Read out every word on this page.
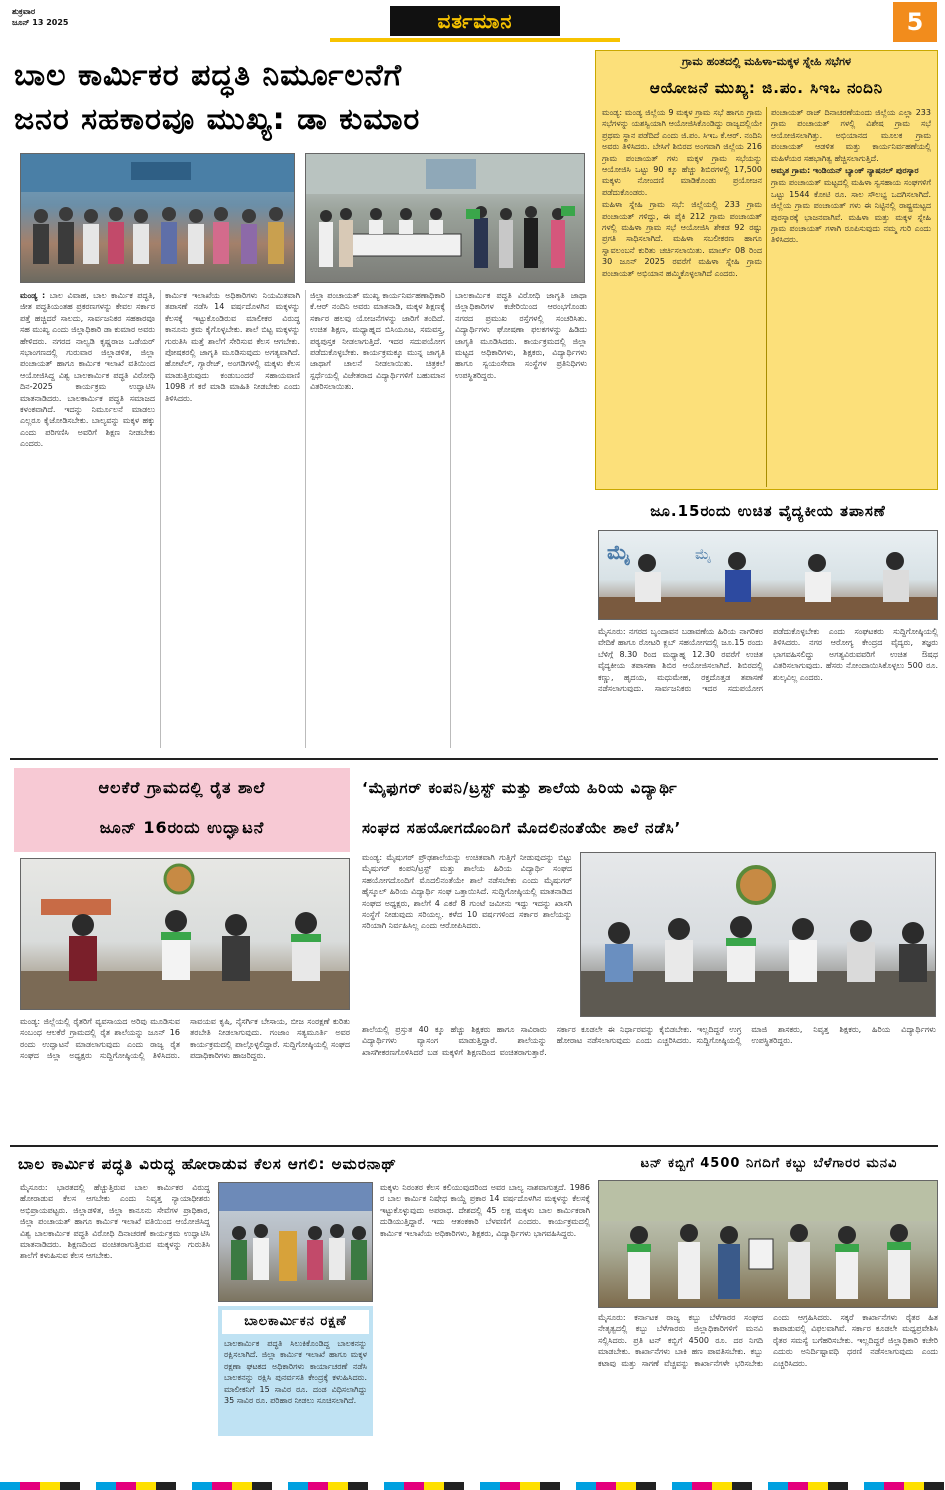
ಶುಕ್ರವಾರ
ಜೂನ್ 13 2025	ವರ್ತಮಾನ	5
ಬಾಲ ಕಾರ್ಮಿಕರ ಪದ್ಧತಿ ನಿರ್ಮೂಲನೆಗೆ
ಜನರ ಸಹಕಾರವೂ ಮುಖ್ಯ: ಡಾ ಕುಮಾರ

ಮಂಡ್ಯ : ಬಾಲ ವಿವಾಹ, ಬಾಲ ಕಾರ್ಮಿಕ ಪದ್ಧತಿ, ಜೀತ ಪದ್ಧತಿಯಂತಹ ಪ್ರಕರಣಗಳನ್ನು ಕೇವಲ ಸರ್ಕಾರ ಪತ್ತೆ ಹಚ್ಚಿದರೆ ಸಾಲದು, ಸಾರ್ವಜನಿಕರ ಸಹಕಾರವೂ ಸಹ ಮುಖ್ಯ ಎಂದು ಜಿಲ್ಲಾಧಿಕಾರಿ ಡಾ ಕುಮಾರ ಅವರು ಹೇಳಿದರು. ನಗರದ ನಾಲ್ವಡಿ ಕೃಷ್ಣರಾಜ ಒಡೆಯರ್ ಸಭಾಂಗಣದಲ್ಲಿ ಗುರುವಾರ ಜಿಲ್ಲಾಡಳಿತ, ಜಿಲ್ಲಾ ಪಂಚಾಯತ್ ಹಾಗೂ ಕಾರ್ಮಿಕ ಇಲಾಖೆ ವತಿಯಿಂದ ಆಯೋಜಿಸಿದ್ದ ವಿಶ್ವ ಬಾಲಕಾರ್ಮಿಕ ಪದ್ಧತಿ ವಿರೋಧಿ ದಿನ-2025 ಕಾರ್ಯಕ್ರಮ ಉದ್ಘಾಟಿಸಿ ಮಾತನಾಡಿದರು. ಬಾಲಕಾರ್ಮಿಕ ಪದ್ಧತಿ ಸಮಾಜದ ಕಳಂಕವಾಗಿದೆ. ಇದನ್ನು ನಿರ್ಮೂಲನೆ ಮಾಡಲು ಎಲ್ಲರೂ ಕೈಜೋಡಿಸಬೇಕು. ಬಾಲ್ಯವನ್ನು ಮಕ್ಕಳ ಹಕ್ಕು ಎಂದು ಪರಿಗಣಿಸಿ ಅವರಿಗೆ ಶಿಕ್ಷಣ ನೀಡಬೇಕು ಎಂದರು.

ಕಾರ್ಮಿಕ ಇಲಾಖೆಯ ಅಧಿಕಾರಿಗಳು ನಿಯಮಿತವಾಗಿ ತಪಾಸಣೆ ನಡೆಸಿ 14 ವರ್ಷದೊಳಗಿನ ಮಕ್ಕಳನ್ನು ಕೆಲಸಕ್ಕೆ ಇಟ್ಟುಕೊಂಡಿರುವ ಮಾಲೀಕರ ವಿರುದ್ಧ ಕಾನೂನು ಕ್ರಮ ಕೈಗೊಳ್ಳಬೇಕು. ಶಾಲೆ ಬಿಟ್ಟ ಮಕ್ಕಳನ್ನು ಗುರುತಿಸಿ ಮತ್ತೆ ಶಾಲೆಗೆ ಸೇರಿಸುವ ಕೆಲಸ ಆಗಬೇಕು. ಪೋಷಕರಲ್ಲಿ ಜಾಗೃತಿ ಮೂಡಿಸುವುದು ಅಗತ್ಯವಾಗಿದೆ. ಹೋಟೆಲ್, ಗ್ಯಾರೇಜ್, ಅಂಗಡಿಗಳಲ್ಲಿ ಮಕ್ಕಳು ಕೆಲಸ ಮಾಡುತ್ತಿರುವುದು ಕಂಡುಬಂದರೆ ಸಹಾಯವಾಣಿ 1098 ಗೆ ಕರೆ ಮಾಡಿ ಮಾಹಿತಿ ನೀಡಬೇಕು ಎಂದು ತಿಳಿಸಿದರು.

ಜಿಲ್ಲಾ ಪಂಚಾಯತ್ ಮುಖ್ಯ ಕಾರ್ಯನಿರ್ವಹಣಾಧಿಕಾರಿ ಕೆ.ಆರ್ ನಂದಿನಿ ಅವರು ಮಾತನಾಡಿ, ಮಕ್ಕಳ ಶಿಕ್ಷಣಕ್ಕೆ ಸರ್ಕಾರ ಹಲವು ಯೋಜನೆಗಳನ್ನು ಜಾರಿಗೆ ತಂದಿದೆ. ಉಚಿತ ಶಿಕ್ಷಣ, ಮಧ್ಯಾಹ್ನದ ಬಿಸಿಯೂಟ, ಸಮವಸ್ತ್ರ, ಪಠ್ಯಪುಸ್ತಕ ನೀಡಲಾಗುತ್ತಿದೆ. ಇದರ ಸದುಪಯೋಗ ಪಡೆದುಕೊಳ್ಳಬೇಕು. ಕಾರ್ಯಕ್ರಮಕ್ಕೂ ಮುನ್ನ ಜಾಗೃತಿ ಜಾಥಾಗೆ ಚಾಲನೆ ನೀಡಲಾಯಿತು. ಚಿತ್ರಕಲೆ ಸ್ಪರ್ಧೆಯಲ್ಲಿ ವಿಜೇತರಾದ ವಿದ್ಯಾರ್ಥಿಗಳಿಗೆ ಬಹುಮಾನ ವಿತರಿಸಲಾಯಿತು.

ಬಾಲಕಾರ್ಮಿಕ ಪದ್ಧತಿ ವಿರೋಧಿ ಜಾಗೃತಿ ಜಾಥಾ ಜಿಲ್ಲಾಧಿಕಾರಿಗಳ ಕಚೇರಿಯಿಂದ ಆರಂಭಗೊಂಡು ನಗರದ ಪ್ರಮುಖ ರಸ್ತೆಗಳಲ್ಲಿ ಸಂಚರಿಸಿತು. ವಿದ್ಯಾರ್ಥಿಗಳು ಘೋಷಣಾ ಫಲಕಗಳನ್ನು ಹಿಡಿದು ಜಾಗೃತಿ ಮೂಡಿಸಿದರು. ಕಾರ್ಯಕ್ರಮದಲ್ಲಿ ಜಿಲ್ಲಾ ಮಟ್ಟದ ಅಧಿಕಾರಿಗಳು, ಶಿಕ್ಷಕರು, ವಿದ್ಯಾರ್ಥಿಗಳು ಹಾಗೂ ಸ್ವಯಂಸೇವಾ ಸಂಸ್ಥೆಗಳ ಪ್ರತಿನಿಧಿಗಳು ಉಪಸ್ಥಿತರಿದ್ದರು.

ಗ್ರಾಮ ಹಂತದಲ್ಲಿ ಮಹಿಳಾ-ಮಕ್ಕಳ ಸ್ನೇಹಿ ಸಭೆಗಳ
ಆಯೋಜನೆ ಮುಖ್ಯ: ಜಿ.ಪಂ. ಸಿಇಒ ನಂದಿನಿ

ಮಂಡ್ಯ: ಮಂಡ್ಯ ಜಿಲ್ಲೆಯ 9 ಮಕ್ಕಳ ಗ್ರಾಮ ಸಭೆ ಹಾಗೂ ಗ್ರಾಮ ಸಭೆಗಳನ್ನು ಯಶಸ್ವಿಯಾಗಿ ಆಯೋಜಿಸಿಕೊಂಡಿದ್ದು ರಾಜ್ಯದಲ್ಲಿಯೇ ಪ್ರಥಮ ಸ್ಥಾನ ಪಡೆದಿದೆ ಎಂದು ಜಿ.ಪಂ. ಸಿಇಒ ಕೆ.ಆರ್. ನಂದಿನಿ ಅವರು ತಿಳಿಸಿದರು. ಬೇಸಿಗೆ ಶಿಬಿರದ ಅಂಗವಾಗಿ ಜಿಲ್ಲೆಯ 216 ಗ್ರಾಮ ಪಂಚಾಯತ್ ಗಳು ಮಕ್ಕಳ ಗ್ರಾಮ ಸಭೆಯನ್ನು ಆಯೋಜಿಸಿ ಒಟ್ಟು 90 ಕ್ಕೂ ಹೆಚ್ಚು ಶಿಬಿರಗಳಲ್ಲಿ 17,500 ಮಕ್ಕಳು ನೋಂದಣಿ ಮಾಡಿಕೊಂಡು ಪ್ರಯೋಜನ ಪಡೆದುಕೊಂಡರು.

ಮಹಿಳಾ ಸ್ನೇಹಿ ಗ್ರಾಮ ಸಭೆ: ಜಿಲ್ಲೆಯಲ್ಲಿ 233 ಗ್ರಾಮ ಪಂಚಾಯತ್ ಗಳಿದ್ದು, ಈ ಪೈಕಿ 212 ಗ್ರಾಮ ಪಂಚಾಯತ್ ಗಳಲ್ಲಿ ಮಹಿಳಾ ಗ್ರಾಮ ಸಭೆ ಆಯೋಜಿಸಿ ಶೇಕಡ 92 ರಷ್ಟು ಪ್ರಗತಿ ಸಾಧಿಸಲಾಗಿದೆ. ಮಹಿಳಾ ಸಬಲೀಕರಣ ಹಾಗೂ ಸ್ವಾವಲಂಬನೆ ಕುರಿತು ಚರ್ಚಿಸಲಾಯಿತು. ಮಾರ್ಚ್ 08 ರಿಂದ 30 ಜೂನ್ 2025 ರವರೆಗೆ ಮಹಿಳಾ ಸ್ನೇಹಿ ಗ್ರಾಮ ಪಂಚಾಯತ್ ಅಭಿಯಾನ ಹಮ್ಮಿಕೊಳ್ಳಲಾಗಿದೆ ಎಂದರು.

ಪಂಚಾಯತ್ ರಾಜ್ ದಿನಾಚರಣೆಯಂದು ಜಿಲ್ಲೆಯ ಎಲ್ಲಾ 233 ಗ್ರಾಮ ಪಂಚಾಯತ್ ಗಳಲ್ಲಿ ವಿಶೇಷ ಗ್ರಾಮ ಸಭೆ ಆಯೋಜಿಸಲಾಗಿತ್ತು. ಅಭಿಯಾನದ ಮೂಲಕ ಗ್ರಾಮ ಪಂಚಾಯತ್ ಆಡಳಿತ ಮತ್ತು ಕಾರ್ಯನಿರ್ವಹಣೆಯಲ್ಲಿ ಮಹಿಳೆಯರ ಸಹಭಾಗಿತ್ವ ಹೆಚ್ಚಿಸಲಾಗುತ್ತಿದೆ.

ಅಮೃತ ಗ್ರಾಮ: ಇಂಡಿಯನ್ ಬ್ಯಾಂಕ್ ನ್ಯಾಷನಲ್ ಪುರಸ್ಕಾರ

ಗ್ರಾಮ ಪಂಚಾಯತ್ ಮಟ್ಟದಲ್ಲಿ ಮಹಿಳಾ ಸ್ವಸಹಾಯ ಸಂಘಗಳಿಗೆ ಒಟ್ಟು 1544 ಕೋಟಿ ರೂ. ಸಾಲ ಸೌಲಭ್ಯ ಒದಗಿಸಲಾಗಿದೆ. ಜಿಲ್ಲೆಯ ಗ್ರಾಮ ಪಂಚಾಯತ್ ಗಳು ಈ ನಿಟ್ಟಿನಲ್ಲಿ ರಾಷ್ಟ್ರಮಟ್ಟದ ಪುರಸ್ಕಾರಕ್ಕೆ ಭಾಜನವಾಗಿವೆ. ಮಹಿಳಾ ಮತ್ತು ಮಕ್ಕಳ ಸ್ನೇಹಿ ಗ್ರಾಮ ಪಂಚಾಯತ್ ಗಳಾಗಿ ರೂಪಿಸುವುದು ನಮ್ಮ ಗುರಿ ಎಂದು ತಿಳಿಸಿದರು.

ಜೂ.15ರಂದು ಉಚಿತ ವೈದ್ಯಕೀಯ ತಪಾಸಣೆ
ಮೈ	ಮೈ

ಮೈಸೂರು: ನಗರದ ಬೃಂದಾವನ ಬಡಾವಣೆಯ ಹಿರಿಯ ನಾಗರಿಕರ ವೇದಿಕೆ ಹಾಗೂ ರೋಟರಿ ಕ್ಲಬ್ ಸಹಯೋಗದಲ್ಲಿ ಜೂ.15 ರಂದು ಬೆಳಿಗ್ಗೆ 8.30 ರಿಂದ ಮಧ್ಯಾಹ್ನ 12.30 ರವರೆಗೆ ಉಚಿತ ವೈದ್ಯಕೀಯ ತಪಾಸಣಾ ಶಿಬಿರ ಆಯೋಜಿಸಲಾಗಿದೆ. ಶಿಬಿರದಲ್ಲಿ ಕಣ್ಣು, ಹೃದಯ, ಮಧುಮೇಹ, ರಕ್ತದೊತ್ತಡ ತಪಾಸಣೆ ನಡೆಸಲಾಗುವುದು. ಸಾರ್ವಜನಿಕರು ಇದರ ಸದುಪಯೋಗ ಪಡೆದುಕೊಳ್ಳಬೇಕು ಎಂದು ಸಂಘಟಕರು ಸುದ್ದಿಗೋಷ್ಠಿಯಲ್ಲಿ ತಿಳಿಸಿದರು. ನಗರ ಆರೋಗ್ಯ ಕೇಂದ್ರದ ವೈದ್ಯರು, ತಜ್ಞರು ಭಾಗವಹಿಸಲಿದ್ದು ಅಗತ್ಯವಿರುವವರಿಗೆ ಉಚಿತ ಔಷಧ ವಿತರಿಸಲಾಗುವುದು. ಹೆಸರು ನೋಂದಾಯಿಸಿಕೊಳ್ಳಲು 500 ರೂ. ಶುಲ್ಕವಿಲ್ಲ ಎಂದರು.

ಆಲಕೆರೆ ಗ್ರಾಮದಲ್ಲಿ ರೈತ ಶಾಲೆ
ಜೂನ್ 16ರಂದು ಉದ್ಘಾಟನೆ

ಮಂಡ್ಯ: ಜಿಲ್ಲೆಯಲ್ಲಿ ರೈತರಿಗೆ ವ್ಯವಸಾಯದ ಅರಿವು ಮೂಡಿಸುವ ಸಂಬಂಧ ಆಲಕೆರೆ ಗ್ರಾಮದಲ್ಲಿ ರೈತ ಶಾಲೆಯನ್ನು ಜೂನ್ 16 ರಂದು ಉದ್ಘಾಟನೆ ಮಾಡಲಾಗುವುದು ಎಂದು ರಾಜ್ಯ ರೈತ ಸಂಘದ ಜಿಲ್ಲಾ ಅಧ್ಯಕ್ಷರು ಸುದ್ದಿಗೋಷ್ಠಿಯಲ್ಲಿ ತಿಳಿಸಿದರು. ಸಾವಯವ ಕೃಷಿ, ನೈಸರ್ಗಿಕ ಬೇಸಾಯ, ಬೀಜ ಸಂರಕ್ಷಣೆ ಕುರಿತು ತರಬೇತಿ ನೀಡಲಾಗುವುದು. ಗಂಜಾಂ ಸತ್ಯಮೂರ್ತಿ ಅವರ ಕಾರ್ಯಕ್ರಮದಲ್ಲಿ ಪಾಲ್ಗೊಳ್ಳಲಿದ್ದಾರೆ. ಸುದ್ದಿಗೋಷ್ಠಿಯಲ್ಲಿ ಸಂಘದ ಪದಾಧಿಕಾರಿಗಳು ಹಾಜರಿದ್ದರು.

‘ಮೈಫುಗರ್ ಕಂಪನಿ/ಟ್ರಸ್ಟ್ ಮತ್ತು ಶಾಲೆಯ ಹಿರಿಯ ವಿದ್ಯಾರ್ಥಿ
ಸಂಘದ ಸಹಯೋಗದೊಂದಿಗೆ ಮೊದಲಿನಂತೆಯೇ ಶಾಲೆ ನಡೆಸಿ’

ಮಂಡ್ಯ: ಮೈಷುಗರ್ ಪ್ರೌಢಶಾಲೆಯನ್ನು ಉಚಿತವಾಗಿ ಗುತ್ತಿಗೆ ನೀಡುವುದನ್ನು ಬಿಟ್ಟು ಮೈಷುಗರ್ ಕಂಪನಿ/ಟ್ರಸ್ಟ್ ಮತ್ತು ಶಾಲೆಯ ಹಿರಿಯ ವಿದ್ಯಾರ್ಥಿ ಸಂಘದ ಸಹಯೋಗದೊಂದಿಗೆ ಮೊದಲಿನಂತೆಯೇ ಶಾಲೆ ನಡೆಸಬೇಕು ಎಂದು ಮೈಷುಗರ್ ಹೈಸ್ಕೂಲ್ ಹಿರಿಯ ವಿದ್ಯಾರ್ಥಿ ಸಂಘ ಒತ್ತಾಯಿಸಿದೆ. ಸುದ್ದಿಗೋಷ್ಠಿಯಲ್ಲಿ ಮಾತನಾಡಿದ ಸಂಘದ ಅಧ್ಯಕ್ಷರು, ಶಾಲೆಗೆ 4 ಎಕರೆ 8 ಗುಂಟೆ ಜಮೀನು ಇದ್ದು ಇದನ್ನು ಖಾಸಗಿ ಸಂಸ್ಥೆಗೆ ನೀಡುವುದು ಸರಿಯಲ್ಲ. ಕಳೆದ 10 ವರ್ಷಗಳಿಂದ ಸರ್ಕಾರ ಶಾಲೆಯನ್ನು ಸರಿಯಾಗಿ ನಿರ್ವಹಿಸಿಲ್ಲ ಎಂದು ಆರೋಪಿಸಿದರು.

ಶಾಲೆಯಲ್ಲಿ ಪ್ರಸ್ತುತ 40 ಕ್ಕೂ ಹೆಚ್ಚು ಶಿಕ್ಷಕರು ಹಾಗೂ ಸಾವಿರಾರು ವಿದ್ಯಾರ್ಥಿಗಳು ವ್ಯಾಸಂಗ ಮಾಡುತ್ತಿದ್ದಾರೆ. ಶಾಲೆಯನ್ನು ಖಾಸಗೀಕರಣಗೊಳಿಸಿದರೆ ಬಡ ಮಕ್ಕಳಿಗೆ ಶಿಕ್ಷಣದಿಂದ ವಂಚಿತರಾಗುತ್ತಾರೆ. ಸರ್ಕಾರ ಕೂಡಲೇ ಈ ನಿರ್ಧಾರವನ್ನು ಕೈಬಿಡಬೇಕು. ಇಲ್ಲದಿದ್ದರೆ ಉಗ್ರ ಹೋರಾಟ ನಡೆಸಲಾಗುವುದು ಎಂದು ಎಚ್ಚರಿಸಿದರು. ಸುದ್ದಿಗೋಷ್ಠಿಯಲ್ಲಿ ಮಾಜಿ ಶಾಸಕರು, ನಿವೃತ್ತ ಶಿಕ್ಷಕರು, ಹಿರಿಯ ವಿದ್ಯಾರ್ಥಿಗಳು ಉಪಸ್ಥಿತರಿದ್ದರು.

ಬಾಲ ಕಾರ್ಮಿಕ ಪದ್ಧತಿ ವಿರುದ್ಧ ಹೋರಾಡುವ ಕೆಲಸ ಆಗಲಿ: ಅಮರನಾಥ್

ಮೈಸೂರು: ಭಾರತದಲ್ಲಿ ಹೆಚ್ಚುತ್ತಿರುವ ಬಾಲ ಕಾರ್ಮಿಕರ ವಿರುದ್ಧ ಹೋರಾಡುವ ಕೆಲಸ ಆಗಬೇಕು ಎಂದು ನಿವೃತ್ತ ನ್ಯಾಯಾಧೀಶರು ಅಭಿಪ್ರಾಯಪಟ್ಟರು. ಜಿಲ್ಲಾಡಳಿತ, ಜಿಲ್ಲಾ ಕಾನೂನು ಸೇವೆಗಳ ಪ್ರಾಧಿಕಾರ, ಜಿಲ್ಲಾ ಪಂಚಾಯತ್ ಹಾಗೂ ಕಾರ್ಮಿಕ ಇಲಾಖೆ ವತಿಯಿಂದ ಆಯೋಜಿಸಿದ್ದ ವಿಶ್ವ ಬಾಲಕಾರ್ಮಿಕ ಪದ್ಧತಿ ವಿರೋಧಿ ದಿನಾಚರಣೆ ಕಾರ್ಯಕ್ರಮ ಉದ್ಘಾಟಿಸಿ ಮಾತನಾಡಿದರು. ಶಿಕ್ಷಣದಿಂದ ವಂಚಿತರಾಗುತ್ತಿರುವ ಮಕ್ಕಳನ್ನು ಗುರುತಿಸಿ ಶಾಲೆಗೆ ಕಳುಹಿಸುವ ಕೆಲಸ ಆಗಬೇಕು.

ಮಕ್ಕಳು ನಿರಂತರ ಕೆಲಸ ಕಲಿಯುವುದರಿಂದ ಅವರ ಬಾಲ್ಯ ನಾಶವಾಗುತ್ತದೆ. 1986 ರ ಬಾಲ ಕಾರ್ಮಿಕ ನಿಷೇಧ ಕಾಯ್ದೆ ಪ್ರಕಾರ 14 ವರ್ಷದೊಳಗಿನ ಮಕ್ಕಳನ್ನು ಕೆಲಸಕ್ಕೆ ಇಟ್ಟುಕೊಳ್ಳುವುದು ಅಪರಾಧ. ದೇಶದಲ್ಲಿ 45 ಲಕ್ಷ ಮಕ್ಕಳು ಬಾಲ ಕಾರ್ಮಿಕರಾಗಿ ದುಡಿಯುತ್ತಿದ್ದಾರೆ. ಇದು ಆತಂಕಕಾರಿ ಬೆಳವಣಿಗೆ ಎಂದರು. ಕಾರ್ಯಕ್ರಮದಲ್ಲಿ ಕಾರ್ಮಿಕ ಇಲಾಖೆಯ ಅಧಿಕಾರಿಗಳು, ಶಿಕ್ಷಕರು, ವಿದ್ಯಾರ್ಥಿಗಳು ಭಾಗವಹಿಸಿದ್ದರು.

ಬಾಲಕಾರ್ಮಿಕನ ರಕ್ಷಣೆ
ಬಾಲಕಾರ್ಮಿಕ ಪದ್ಧತಿ ಸಿಲುಕಿಕೊಂಡಿದ್ದ ಬಾಲಕನನ್ನು ರಕ್ಷಿಸಲಾಗಿದೆ. ಜಿಲ್ಲಾ ಕಾರ್ಮಿಕ ಇಲಾಖೆ ಹಾಗೂ ಮಕ್ಕಳ ರಕ್ಷಣಾ ಘಟಕದ ಅಧಿಕಾರಿಗಳು ಕಾರ್ಯಾಚರಣೆ ನಡೆಸಿ ಬಾಲಕನನ್ನು ರಕ್ಷಿಸಿ ಪುನರ್ವಸತಿ ಕೇಂದ್ರಕ್ಕೆ ಕಳುಹಿಸಿದರು. ಮಾಲೀಕನಿಗೆ 15 ಸಾವಿರ ರೂ. ದಂಡ ವಿಧಿಸಲಾಗಿದ್ದು 35 ಸಾವಿರ ರೂ. ಪರಿಹಾರ ನೀಡಲು ಸೂಚಿಸಲಾಗಿದೆ.
ಟನ್ ಕಬ್ಬಿಗೆ 4500 ನಿಗದಿಗೆ ಕಬ್ಬು ಬೆಳೆಗಾರರ ಮನವಿ

ಮೈಸೂರು: ಕರ್ನಾಟಕ ರಾಜ್ಯ ಕಬ್ಬು ಬೆಳೆಗಾರರ ಸಂಘದ ನೇತೃತ್ವದಲ್ಲಿ ಕಬ್ಬು ಬೆಳೆಗಾರರು ಜಿಲ್ಲಾಧಿಕಾರಿಗಳಿಗೆ ಮನವಿ ಸಲ್ಲಿಸಿದರು. ಪ್ರತಿ ಟನ್ ಕಬ್ಬಿಗೆ 4500 ರೂ. ದರ ನಿಗದಿ ಮಾಡಬೇಕು. ಕಾರ್ಖಾನೆಗಳು ಬಾಕಿ ಹಣ ಪಾವತಿಸಬೇಕು. ಕಬ್ಬು ಕಟಾವು ಮತ್ತು ಸಾಗಣೆ ವೆಚ್ಚವನ್ನು ಕಾರ್ಖಾನೆಗಳೇ ಭರಿಸಬೇಕು ಎಂದು ಆಗ್ರಹಿಸಿದರು. ಸಕ್ಕರೆ ಕಾರ್ಖಾನೆಗಳು ರೈತರ ಹಿತ ಕಾಪಾಡುವಲ್ಲಿ ವಿಫಲವಾಗಿವೆ. ಸರ್ಕಾರ ಕೂಡಲೇ ಮಧ್ಯಪ್ರವೇಶಿಸಿ ರೈತರ ಸಮಸ್ಯೆ ಬಗೆಹರಿಸಬೇಕು. ಇಲ್ಲದಿದ್ದರೆ ಜಿಲ್ಲಾಧಿಕಾರಿ ಕಚೇರಿ ಎದುರು ಅನಿರ್ದಿಷ್ಟಾವಧಿ ಧರಣಿ ನಡೆಸಲಾಗುವುದು ಎಂದು ಎಚ್ಚರಿಸಿದರು.
